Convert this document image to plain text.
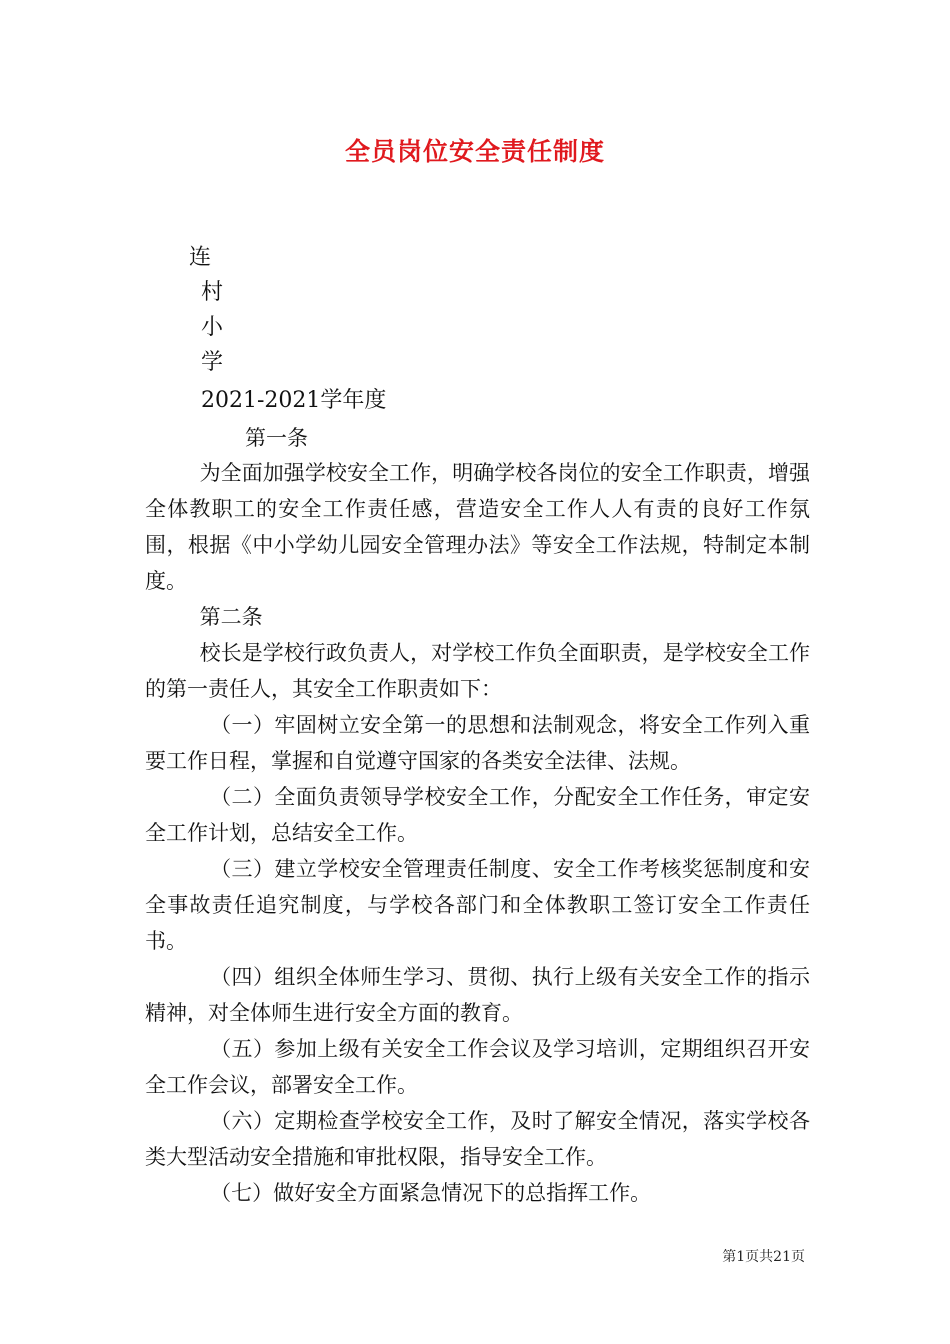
全员岗位安全责任制度
连
村
小
学
2021-2021学年度
第一条

为全面加强学校安全工作，明确学校各岗位的安全工作职责，增强全体教职工的安全工作责任感，营造安全工作人人有责的良好工作氛围，根据《中小学幼儿园安全管理办法》等安全工作法规，特制定本制度。

第二条

校长是学校行政负责人，对学校工作负全面职责，是学校安全工作的第一责任人，其安全工作职责如下：

（一）牢固树立安全第一的思想和法制观念，将安全工作列入重要工作日程，掌握和自觉遵守国家的各类安全法律、法规。

（二）全面负责领导学校安全工作，分配安全工作任务，审定安全工作计划，总结安全工作。

（三）建立学校安全管理责任制度、安全工作考核奖惩制度和安全事故责任追究制度，与学校各部门和全体教职工签订安全工作责任书。

（四）组织全体师生学习、贯彻、执行上级有关安全工作的指示精神，对全体师生进行安全方面的教育。

（五）参加上级有关安全工作会议及学习培训，定期组织召开安全工作会议，部署安全工作。

（六）定期检查学校安全工作，及时了解安全情况，落实学校各类大型活动安全措施和审批权限，指导安全工作。

（七）做好安全方面紧急情况下的总指挥工作。

第1页共21页
